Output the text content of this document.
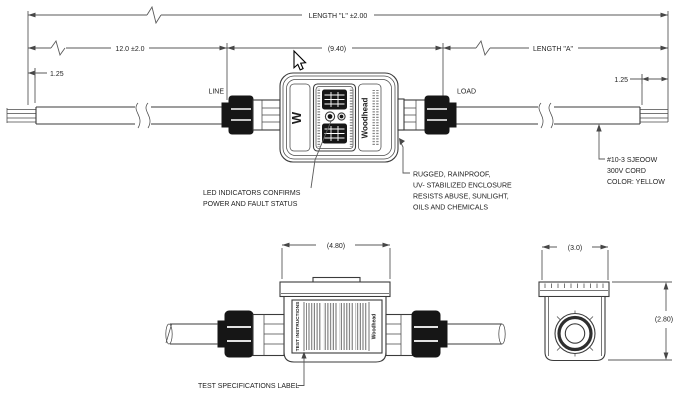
LENGTH "L" ±2.00
12.0 ±2.0	(9.40)	LENGTH "A"
1.25
1.25
W	Woodhead
LINE	LOAD
LED INDICATORS CONFIRMS
POWER AND FAULT STATUS
RUGGED, RAINPROOF,
UV- STABILIZED ENCLOSURE
RESISTS ABUSE, SUNLIGHT,
OILS AND CHEMICALS
#10-3 SJEOOW
300V CORD
COLOR: YELLOW
(4.80)
TEST INSTRUCTIONS	Woodhead
TEST SPECIFICATIONS LABEL
(3.0)
(2.80)
